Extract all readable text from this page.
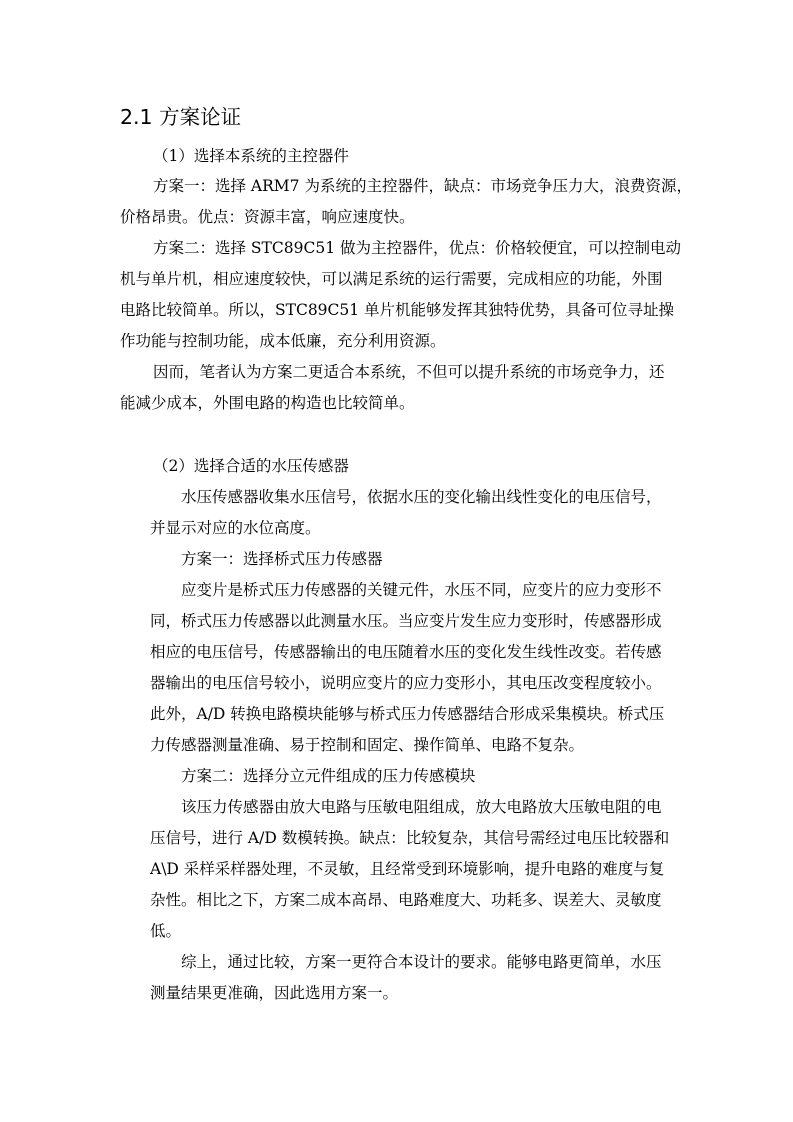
2.1 方案论证
（1）选择本系统的主控器件
方案一：选择 ARM7 为系统的主控器件，缺点：市场竞争压力大，浪费资源，
价格昂贵。优点：资源丰富，响应速度快。
方案二：选择 STC89C51 做为主控器件，优点：价格较便宜，可以控制电动
机与单片机，相应速度较快，可以满足系统的运行需要，完成相应的功能，外围
电路比较简单。所以，STC89C51 单片机能够发挥其独特优势，具备可位寻址操
作功能与控制功能，成本低廉，充分利用资源。
因而，笔者认为方案二更适合本系统，不但可以提升系统的市场竞争力，还
能减少成本，外围电路的构造也比较简单。
（2）选择合适的水压传感器
水压传感器收集水压信号，依据水压的变化输出线性变化的电压信号，
并显示对应的水位高度。
方案一：选择桥式压力传感器
应变片是桥式压力传感器的关键元件，水压不同，应变片的应力变形不
同，桥式压力传感器以此测量水压。当应变片发生应力变形时，传感器形成
相应的电压信号，传感器输出的电压随着水压的变化发生线性改变。若传感
器输出的电压信号较小，说明应变片的应力变形小，其电压改变程度较小。
此外，A/D 转换电路模块能够与桥式压力传感器结合形成采集模块。桥式压
力传感器测量准确、易于控制和固定、操作简单、电路不复杂。
方案二：选择分立元件组成的压力传感模块
该压力传感器由放大电路与压敏电阻组成，放大电路放大压敏电阻的电
压信号，进行 A/D 数模转换。缺点：比较复杂，其信号需经过电压比较器和
A\D 采样采样器处理，不灵敏，且经常受到环境影响，提升电路的难度与复
杂性。相比之下，方案二成本高昂、电路难度大、功耗多、误差大、灵敏度
低。
综上，通过比较，方案一更符合本设计的要求。能够电路更简单，水压
测量结果更准确，因此选用方案一。
